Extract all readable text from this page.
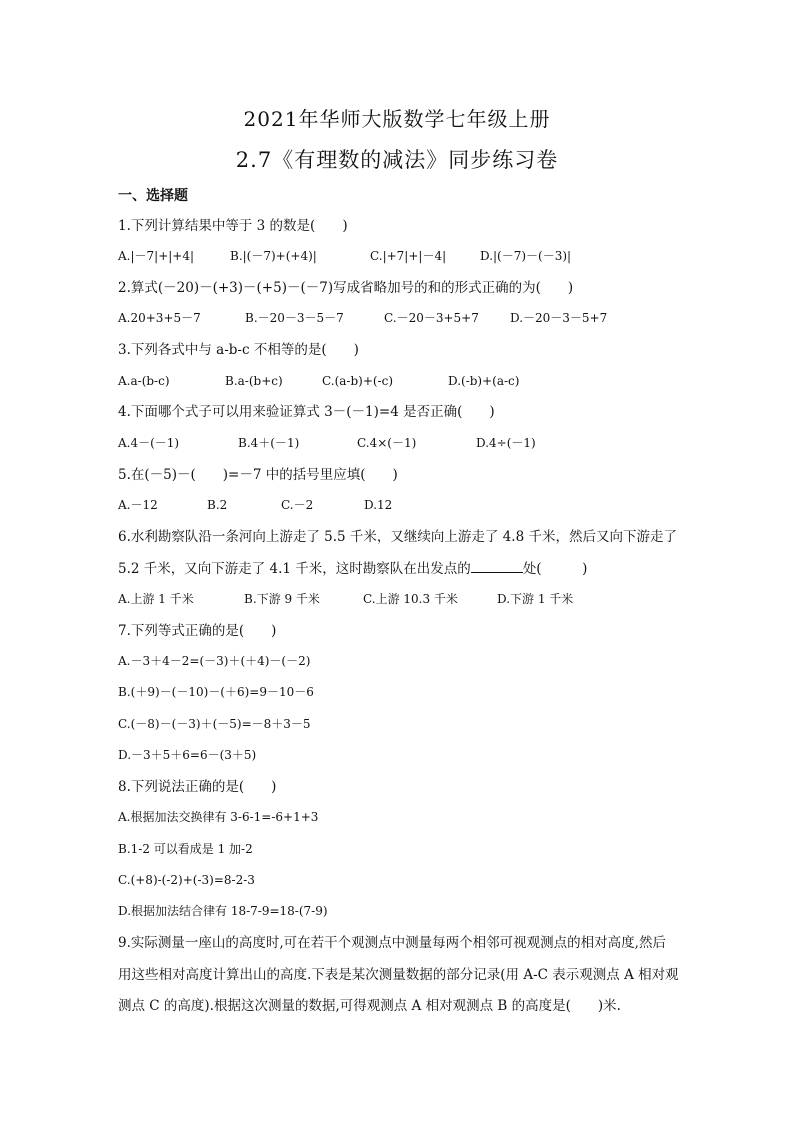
2021年华师大版数学七年级上册
2.7《有理数的减法》同步练习卷
一、选择题
1.下列计算结果中等于 3 的数是(　　)
A.|－7|+|+4|	B.|(－7)+(+4)|	C.|+7|+|－4|	D.|(－7)－(－3)|
2.算式(－20)－(+3)－(+5)－(－7)写成省略加号的和的形式正确的为(　　)
A.20+3+5－7	B.－20－3－5－7	C.－20－3+5+7	D.－20－3－5+7
3.下列各式中与 a-b-c 不相等的是(　　)
A.a-(b-c)	B.a-(b+c)	C.(a-b)+(-c)	D.(-b)+(a-c)
4.下面哪个式子可以用来验证算式 3－(－1)=4 是否正确(　　)
A.4－(－1)	B.4＋(－1)	C.4×(－1)	D.4÷(－1)
5.在(－5)－(　　)=－7 中的括号里应填(　　)
A.－12	B.2	C.－2	D.12
6.水利勘察队沿一条河向上游走了 5.5 千米，又继续向上游走了 4.8 千米，然后又向下游走了
5.2 千米，又向下游走了 4.1 千米，这时勘察队在出发点的	处(　　　)
A.上游 1 千米	B.下游 9 千米	C.上游 10.3 千米	D.下游 1 千米
7.下列等式正确的是(　　)
A.－3＋4－2=(－3)＋(＋4)－(－2)
B.(＋9)－(－10)－(＋6)=9－10－6
C.(－8)－(－3)＋(－5)=－8＋3－5
D.－3＋5＋6=6－(3＋5)
8.下列说法正确的是(　　)
A.根据加法交换律有 3-6-1=-6+1+3
B.1-2 可以看成是 1 加-2
C.(+8)-(-2)+(-3)=8-2-3
D.根据加法结合律有 18-7-9=18-(7-9)
9.实际测量一座山的高度时,可在若干个观测点中测量每两个相邻可视观测点的相对高度,然后
用这些相对高度计算出山的高度.下表是某次测量数据的部分记录(用 A-C 表示观测点 A 相对观
测点 C 的高度).根据这次测量的数据,可得观测点 A 相对观测点 B 的高度是(　　)米.
